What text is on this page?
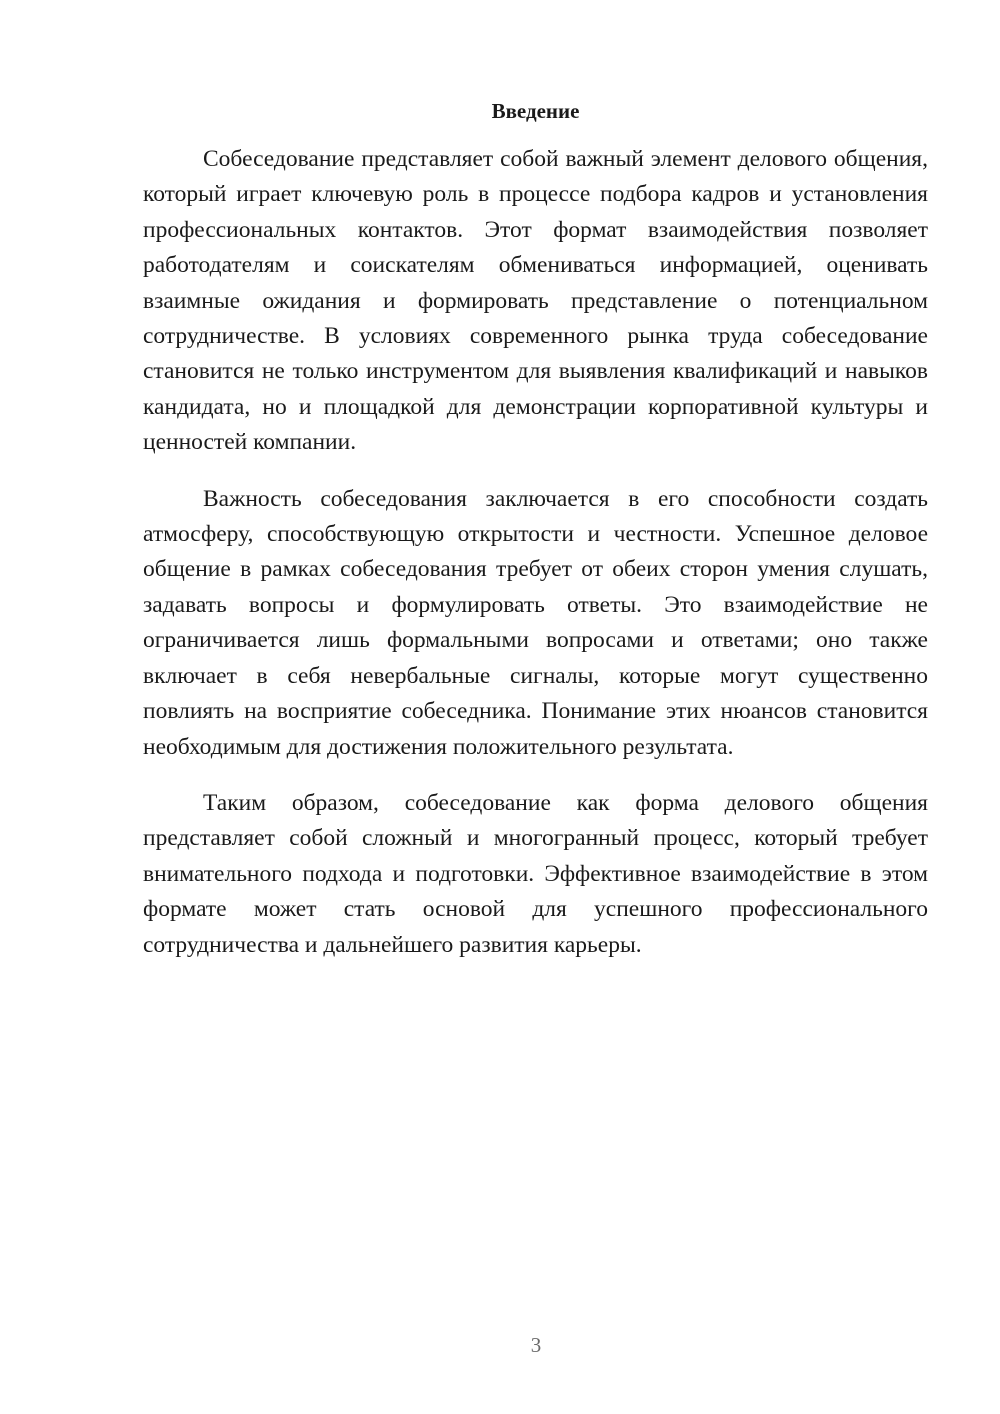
Введение

Собеседование представляет собой важный элемент делового общения, который играет ключевую роль в процессе подбора кадров и установления профессиональных контактов. Этот формат взаимодействия позволяет работодателям и соискателям обмениваться информацией, оценивать взаимные ожидания и формировать представление о потенциальном сотрудничестве. В условиях современного рынка труда собеседование становится не только инструментом для выявления квалификаций и навыков кандидата, но и площадкой для демонстрации корпоративной культуры и ценностей компании.

Важность собеседования заключается в его способности создать атмосферу, способствующую открытости и честности. Успешное деловое общение в рамках собеседования требует от обеих сторон умения слушать, задавать вопросы и формулировать ответы. Это взаимодействие не ограничивается лишь формальными вопросами и ответами; оно также включает в себя невербальные сигналы, которые могут существенно повлиять на восприятие собеседника. Понимание этих нюансов становится необходимым для достижения положительного результата.

Таким образом, собеседование как форма делового общения представляет собой сложный и многогранный процесс, который требует внимательного подхода и подготовки. Эффективное взаимодействие в этом формате может стать основой для успешного профессионального сотрудничества и дальнейшего развития карьеры.

3
